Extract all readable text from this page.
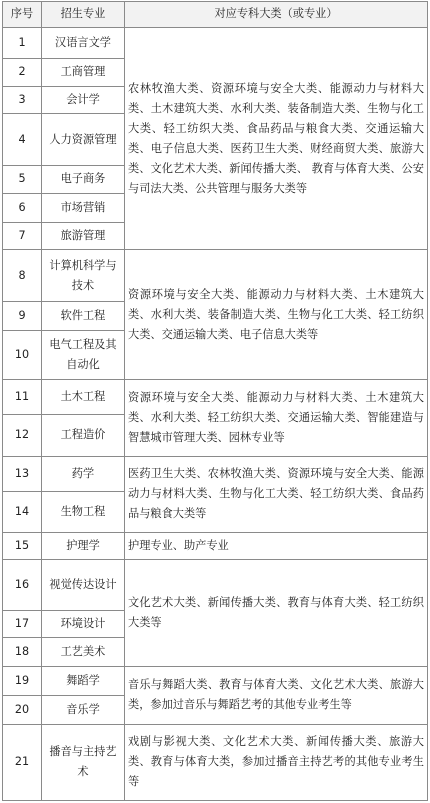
序号	招生专业	对应专科大类（或专业）
1	汉语言文学	农林牧渔大类、资源环境与安全大类、能源动力与材料大类、土木建筑大类、水利大类、装备制造大类、生物与化工大类、轻工纺织大类、食品药品与粮食大类、交通运输大类、电子信息大类、医药卫生大类、财经商贸大类、旅游大类、文化艺术大类、新闻传播大类、 教育与体育大类、公安与司法大类、公共管理与服务大类等
2	工商管理	
3	会计学	
4	人力资源管理	
5	电子商务	
6	市场营销	
7	旅游管理	
8	计算机科学与技术	资源环境与安全大类、能源动力与材料大类、土木建筑大类、水利大类、装备制造大类、生物与化工大类、轻工纺织大类、交通运输大类、电子信息大类等
9	软件工程	
10	电气工程及其自动化	
11	土木工程	资源环境与安全大类、能源动力与材料大类、土木建筑大类、水利大类、轻工纺织大类、交通运输大类、智能建造与智慧城市管理大类、园林专业等
12	工程造价	
13	药学	医药卫生大类、农林牧渔大类、资源环境与安全大类、能源动力与材料大类、生物与化工大类、轻工纺织大类、食品药品与粮食大类等
14	生物工程	
15	护理学	护理专业、助产专业
16	视觉传达设计	文化艺术大类、新闻传播大类、教育与体育大类、轻工纺织大类等
17	环境设计	
18	工艺美术	
19	舞蹈学	音乐与舞蹈大类、教育与体育大类、文化艺术大类、旅游大类，参加过音乐与舞蹈艺考的其他专业考生等
20	音乐学	
21	播音与主持艺术	戏剧与影视大类、文化艺术大类、新闻传播大类、旅游大类、教育与体育大类，参加过播音主持艺考的其他专业考生等
